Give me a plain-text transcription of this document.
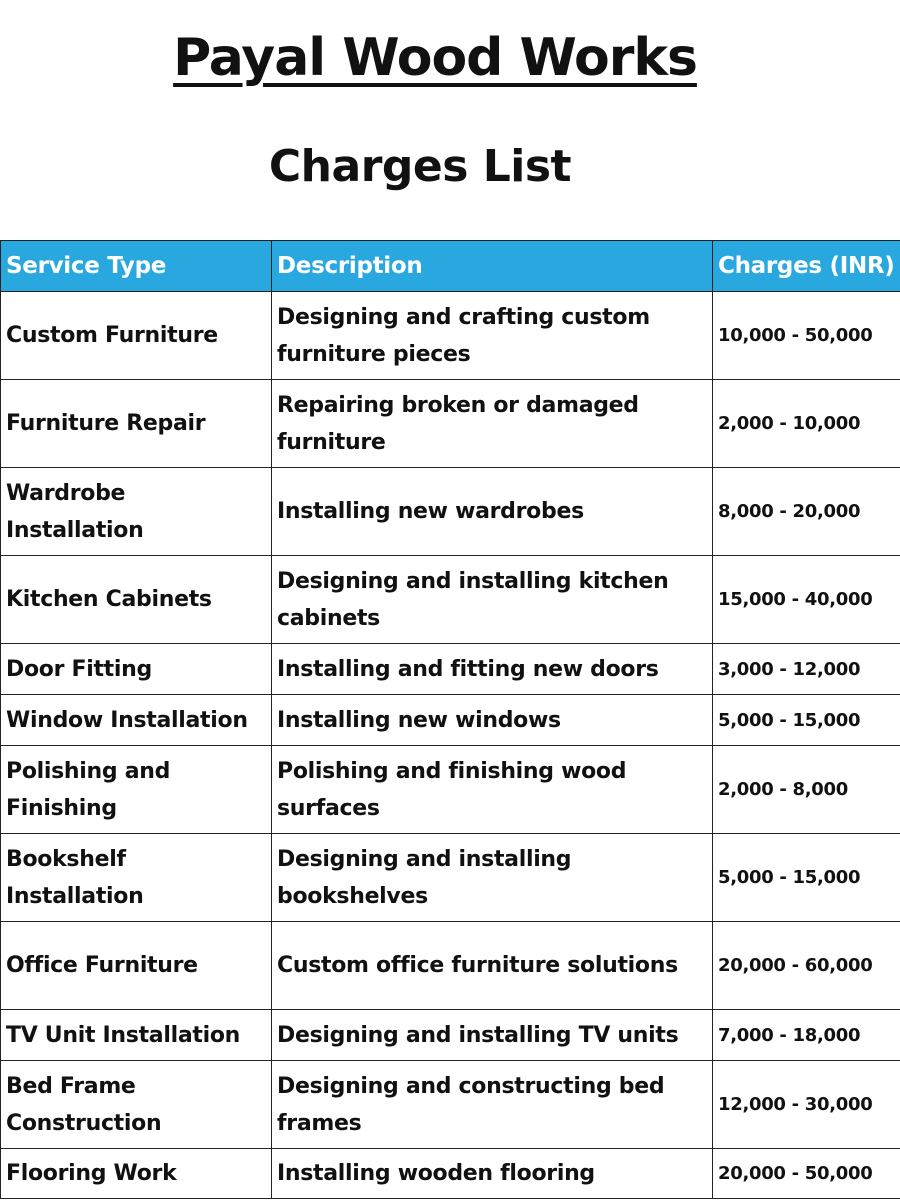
Payal Wood Works
Charges List
Service Type	Description	Charges (INR)
Custom Furniture	Designing and crafting custom furniture pieces	10,000 - 50,000
Furniture Repair	Repairing broken or damaged furniture	2,000 - 10,000
Wardrobe Installation	Installing new wardrobes	8,000 - 20,000
Kitchen Cabinets	Designing and installing kitchen cabinets	15,000 - 40,000
Door Fitting	Installing and fitting new doors	3,000 - 12,000
Window Installation	Installing new windows	5,000 - 15,000
Polishing and Finishing	Polishing and finishing wood surfaces	2,000 - 8,000
Bookshelf Installation	Designing and installing bookshelves	5,000 - 15,000
Office Furniture	Custom office furniture solutions	20,000 - 60,000
TV Unit Installation	Designing and installing TV units	7,000 - 18,000
Bed Frame Construction	Designing and constructing bed frames	12,000 - 30,000
Flooring Work	Installing wooden flooring	20,000 - 50,000
